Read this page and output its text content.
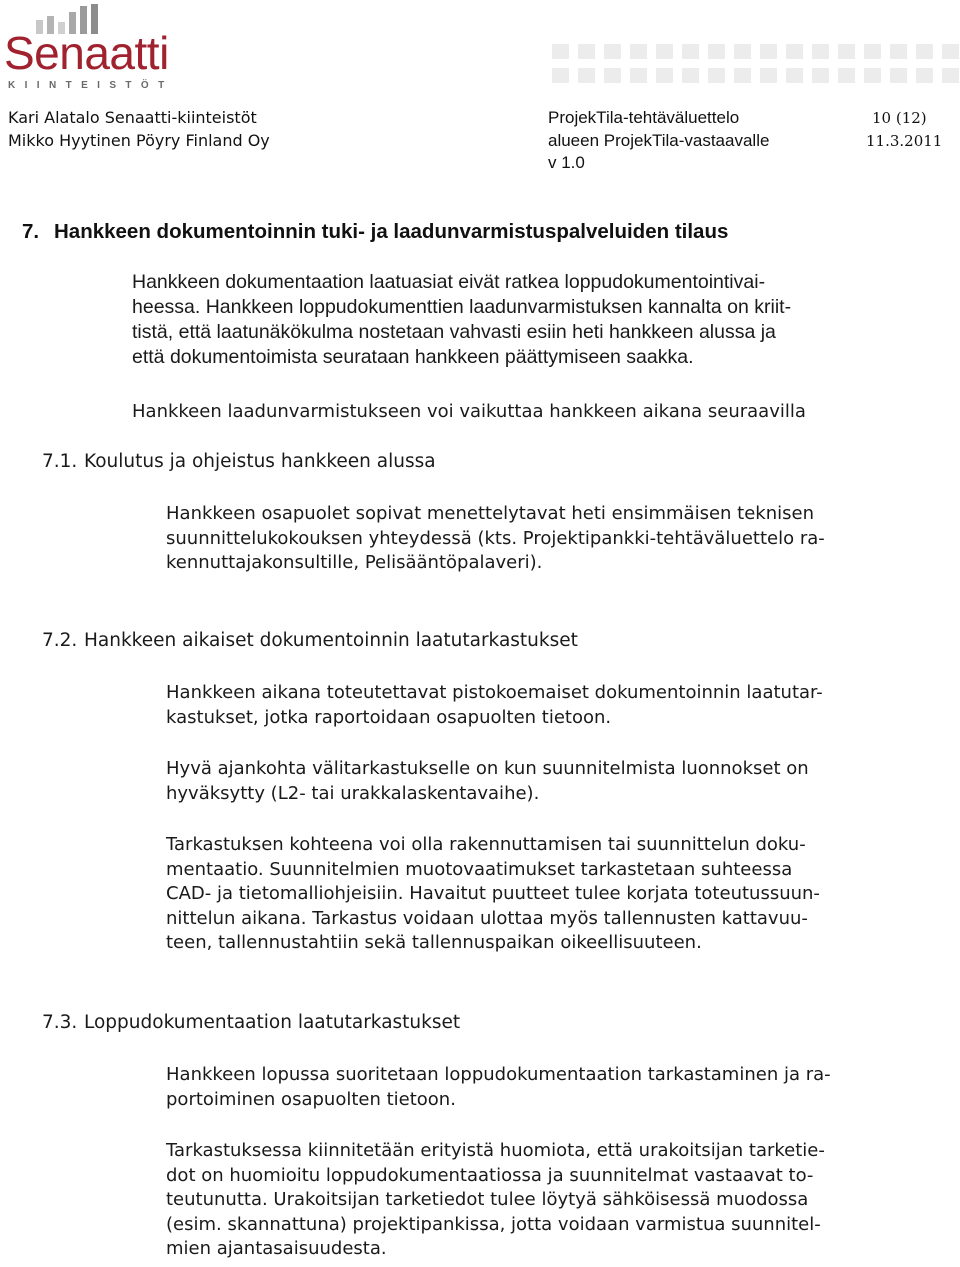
Senaatti
KIINTEISTÖT
Kari Alatalo Senaatti-kiinteistöt
Mikko Hyytinen Pöyry Finland Oy
ProjekTila-tehtäväluettelo
alueen ProjekTila-vastaavalle
v 1.0
10 (12)
11.3.2011
7. Hankkeen dokumentoinnin tuki- ja laadunvarmistuspalveluiden tilaus
Hankkeen dokumentaation laatuasiat eivät ratkea loppudokumentointivai-
heessa. Hankkeen loppudokumenttien laadunvarmistuksen kannalta on kriit-
tistä, että laatunäkökulma nostetaan vahvasti esiin heti hankkeen alussa ja
että dokumentoimista seurataan hankkeen päättymiseen saakka.
Hankkeen laadunvarmistukseen voi vaikuttaa hankkeen aikana seuraavilla
7.1. Koulutus ja ohjeistus hankkeen alussa
Hankkeen osapuolet sopivat menettelytavat heti ensimmäisen teknisen
suunnittelukokouksen yhteydessä (kts. Projektipankki-tehtäväluettelo ra-
kennuttajakonsultille, Pelisääntöpalaveri).
7.2. Hankkeen aikaiset dokumentoinnin laatutarkastukset
Hankkeen aikana toteutettavat pistokoemaiset dokumentoinnin laatutar-
kastukset, jotka raportoidaan osapuolten tietoon.
Hyvä ajankohta välitarkastukselle on kun suunnitelmista luonnokset on
hyväksytty (L2- tai urakkalaskentavaihe).
Tarkastuksen kohteena voi olla rakennuttamisen tai suunnittelun doku-
mentaatio. Suunnitelmien muotovaatimukset tarkastetaan suhteessa
CAD- ja tietomalliohjeisiin. Havaitut puutteet tulee korjata toteutussuun-
nittelun aikana. Tarkastus voidaan ulottaa myös tallennusten kattavuu-
teen, tallennustahtiin sekä tallennuspaikan oikeellisuuteen.
7.3. Loppudokumentaation laatutarkastukset
Hankkeen lopussa suoritetaan loppudokumentaation tarkastaminen ja ra-
portoiminen osapuolten tietoon.
Tarkastuksessa kiinnitetään erityistä huomiota, että urakoitsijan tarketie-
dot on huomioitu loppudokumentaatiossa ja suunnitelmat vastaavat to-
teutunutta. Urakoitsijan tarketiedot tulee löytyä sähköisessä muodossa
(esim. skannattuna) projektipankissa, jotta voidaan varmistua suunnitel-
mien ajantasaisuudesta.
